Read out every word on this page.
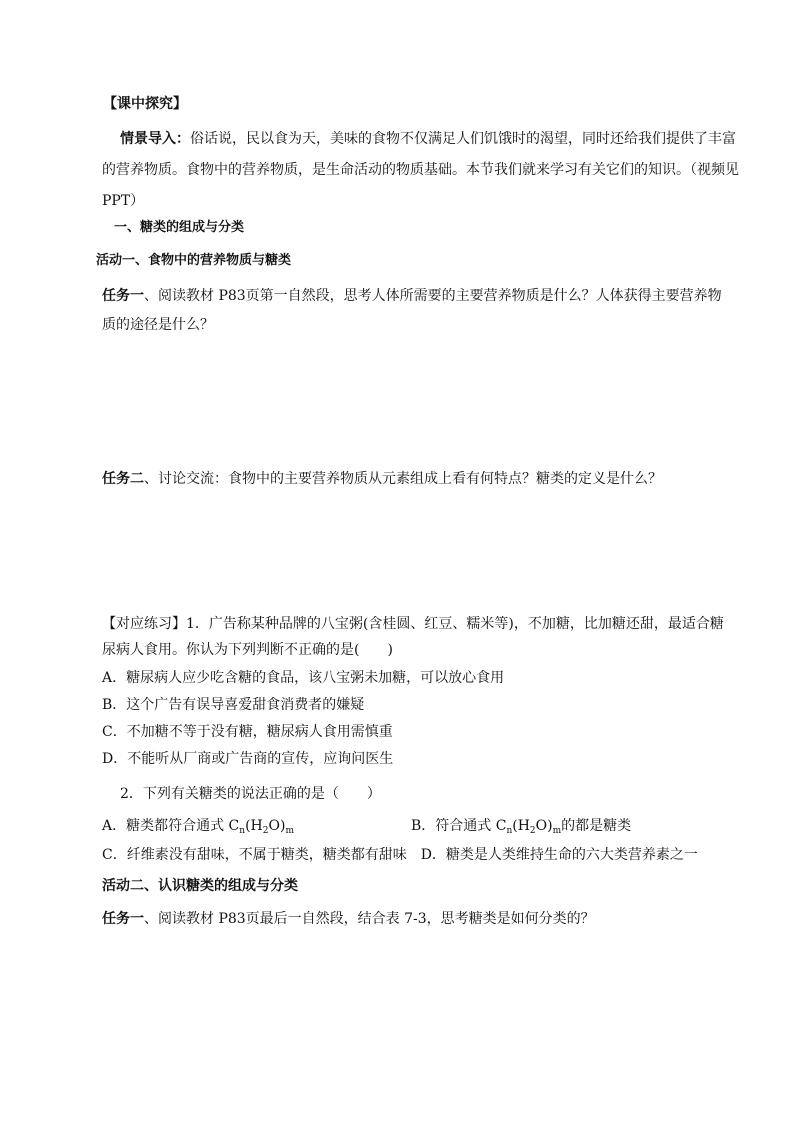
【课中探究】
情景导入：俗话说，民以食为天，美味的食物不仅满足人们饥饿时的渴望，同时还给我们提供了丰富
的营养物质。食物中的营养物质，是生命活动的物质基础。本节我们就来学习有关它们的知识。（视频见
PPT）
一、糖类的组成与分类
活动一、食物中的营养物质与糖类
任务一、阅读教材 P83页第一自然段，思考人体所需要的主要营养物质是什么？人体获得主要营养物
质的途径是什么？
任务二、讨论交流：食物中的主要营养物质从元素组成上看有何特点？糖类的定义是什么？
【对应练习】1．广告称某种品牌的八宝粥(含桂圆、红豆、糯米等)，不加糖，比加糖还甜，最适合糖
尿病人食用。你认为下列判断不正确的是(　　)
A．糖尿病人应少吃含糖的食品，该八宝粥未加糖，可以放心食用
B．这个广告有误导喜爱甜食消费者的嫌疑
C．不加糖不等于没有糖，糖尿病人食用需慎重
D．不能听从厂商或广告商的宣传，应询问医生
2．下列有关糖类的说法正确的是（　　）
A．糖类都符合通式 $C_n(H_2O)_m$	B．符合通式 $C_n(H_2O)_m$的都是糖类
C．纤维素没有甜味，不属于糖类，糖类都有甜味　D．糖类是人类维持生命的六大类营养素之一
活动二、认识糖类的组成与分类
任务一、阅读教材 P83页最后一自然段，结合表 7-3，思考糖类是如何分类的？
